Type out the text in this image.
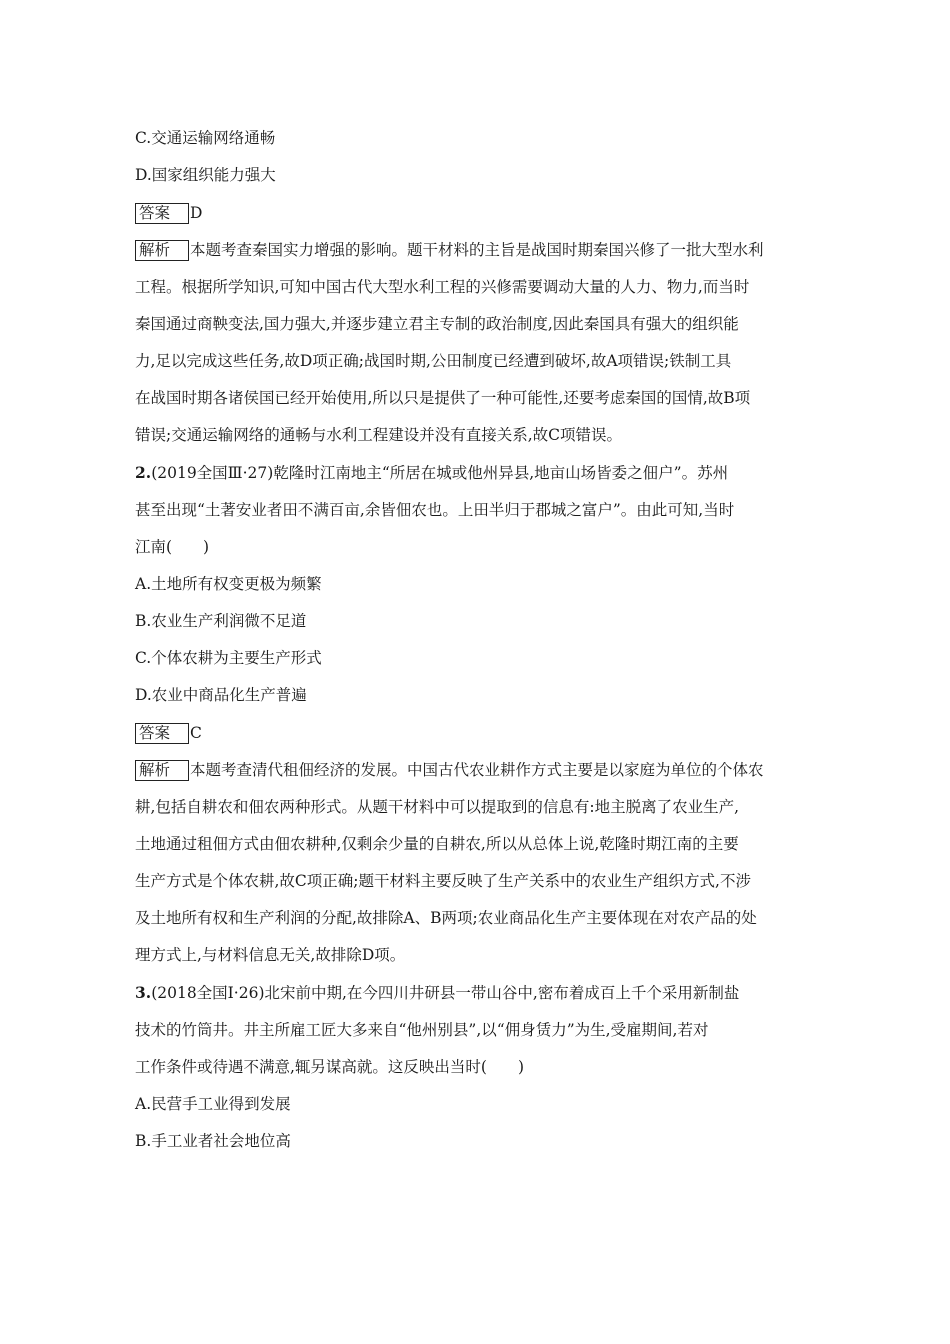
C.交通运输网络通畅
D.国家组织能力强大
答案 D
解析 本题考查秦国实力增强的影响。题干材料的主旨是战国时期秦国兴修了一批大型水利
工程。根据所学知识,可知中国古代大型水利工程的兴修需要调动大量的人力、物力,而当时
秦国通过商鞅变法,国力强大,并逐步建立君主专制的政治制度,因此秦国具有强大的组织能
力,足以完成这些任务,故D项正确;战国时期,公田制度已经遭到破坏,故A项错误;铁制工具
在战国时期各诸侯国已经开始使用,所以只是提供了一种可能性,还要考虑秦国的国情,故B项
错误;交通运输网络的通畅与水利工程建设并没有直接关系,故C项错误。
2.(2019全国Ⅲ·27)乾隆时江南地主“所居在城或他州异县,地亩山场皆委之佃户”。苏州
甚至出现“土著安业者田不满百亩,余皆佃农也。上田半归于郡城之富户”。由此可知,当时
江南(　　)
A.土地所有权变更极为频繁
B.农业生产利润微不足道
C.个体农耕为主要生产形式
D.农业中商品化生产普遍
答案 C
解析 本题考查清代租佃经济的发展。中国古代农业耕作方式主要是以家庭为单位的个体农
耕,包括自耕农和佃农两种形式。从题干材料中可以提取到的信息有:地主脱离了农业生产,
土地通过租佃方式由佃农耕种,仅剩余少量的自耕农,所以从总体上说,乾隆时期江南的主要
生产方式是个体农耕,故C项正确;题干材料主要反映了生产关系中的农业生产组织方式,不涉
及土地所有权和生产利润的分配,故排除A、B两项;农业商品化生产主要体现在对农产品的处
理方式上,与材料信息无关,故排除D项。
3.(2018全国Ⅰ·26)北宋前中期,在今四川井研县一带山谷中,密布着成百上千个采用新制盐
技术的竹筒井。井主所雇工匠大多来自“他州别县”,以“佣身赁力”为生,受雇期间,若对
工作条件或待遇不满意,辄另谋高就。这反映出当时(　　)
A.民营手工业得到发展
B.手工业者社会地位高
